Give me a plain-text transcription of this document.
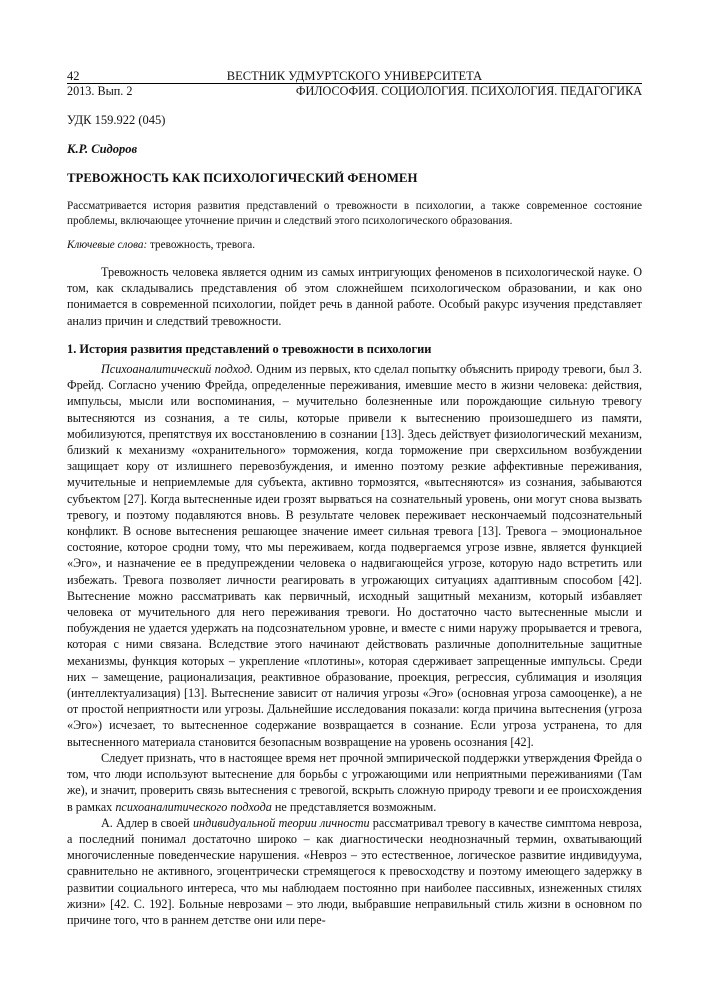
42	ВЕСТНИК УДМУРТСКОГО УНИВЕРСИТЕТА
2013. Вып. 2	ФИЛОСОФИЯ. СОЦИОЛОГИЯ. ПСИХОЛОГИЯ. ПЕДАГОГИКА
УДК 159.922 (045)
К.Р. Сидоров
ТРЕВОЖНОСТЬ КАК ПСИХОЛОГИЧЕСКИЙ ФЕНОМЕН
Рассматривается история развития представлений о тревожности в психологии, а также современное состояние проблемы, включающее уточнение причин и следствий этого психологического образования.
Ключевые слова: тревожность, тревога.

Тревожность человека является одним из самых интригующих феноменов в психологической науке. О том, как складывались представления об этом сложнейшем психологическом образовании, и как оно понимается в современной психологии, пойдет речь в данной работе. Особый ракурс изучения представляет анализ причин и следствий тревожности.

1. История развития представлений о тревожности в психологии

Психоаналитический подход. Одним из первых, кто сделал попытку объяснить природу тревоги, был З. Фрейд. Согласно учению Фрейда, определенные переживания, имевшие место в жизни человека: действия, импульсы, мысли или воспоминания, – мучительно болезненные или порождающие сильную тревогу вытесняются из сознания, а те силы, которые привели к вытеснению произошедшего из памяти, мобилизуются, препятствуя их восстановлению в сознании [13]. Здесь действует физиологический механизм, близкий к механизму «охранительного» торможения, когда торможение при сверхсильном возбуждении защищает кору от излишнего перевозбуждения, и именно поэтому резкие аффективные переживания, мучительные и неприемлемые для субъекта, активно тормозятся, «вытесняются» из сознания, забываются субъектом [27]. Когда вытесненные идеи грозят вырваться на сознательный уровень, они могут снова вызвать тревогу, и поэтому подавляются вновь. В результате человек переживает нескончаемый подсознательный конфликт. В основе вытеснения решающее значение имеет сильная тревога [13]. Тревога – эмоциональное состояние, которое сродни тому, что мы переживаем, когда подвергаемся угрозе извне, является функцией «Эго», и назначение ее в предупреждении человека о надвигающейся угрозе, которую надо встретить или избежать. Тревога позволяет личности реагировать в угрожающих ситуациях адаптивным способом [42]. Вытеснение можно рассматривать как первичный, исходный защитный механизм, который избавляет человека от мучительного для него переживания тревоги. Но достаточно часто вытесненные мысли и побуждения не удается удержать на подсознательном уровне, и вместе с ними наружу прорывается и тревога, которая с ними связана. Вследствие этого начинают действовать различные дополнительные защитные механизмы, функция которых – укрепление «плотины», которая сдерживает запрещенные импульсы. Среди них – замещение, рационализация, реактивное образование, проекция, регрессия, сублимация и изоляция (интеллектуализация) [13]. Вытеснение зависит от наличия угрозы «Эго» (основная угроза самооценке), а не от простой неприятности или угрозы. Дальнейшие исследования показали: когда причина вытеснения (угроза «Эго») исчезает, то вытесненное содержание возвращается в сознание. Если угроза устранена, то для вытесненного материала становится безопасным возвращение на уровень осознания [42].

Следует признать, что в настоящее время нет прочной эмпирической поддержки утверждения Фрейда о том, что люди используют вытеснение для борьбы с угрожающими или неприятными переживаниями (Там же), и значит, проверить связь вытеснения с тревогой, вскрыть сложную природу тревоги и ее происхождения в рамках психоаналитического подхода не представляется возможным.

А. Адлер в своей индивидуальной теории личности рассматривал тревогу в качестве симптома невроза, а последний понимал достаточно широко – как диагностически неоднозначный термин, охватывающий многочисленные поведенческие нарушения. «Невроз – это естественное, логическое развитие индивидуума, сравнительно не активного, эгоцентрически стремящегося к превосходству и поэтому имеющего задержку в развитии социального интереса, что мы наблюдаем постоянно при наиболее пассивных, изнеженных стилях жизни» [42. С. 192]. Больные неврозами – это люди, выбравшие неправильный стиль жизни в основном по причине того, что в раннем детстве они или пере-
